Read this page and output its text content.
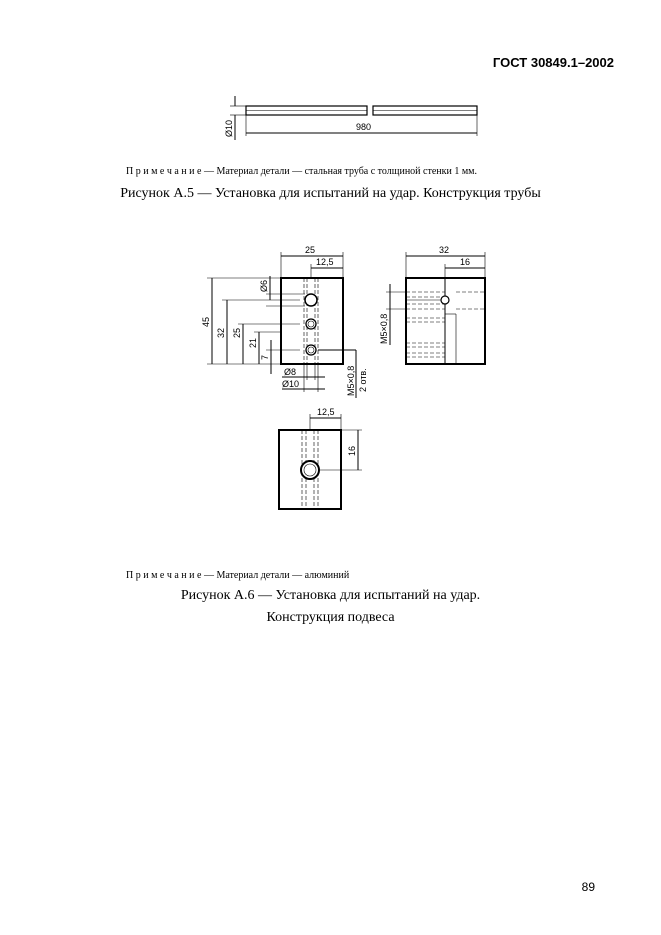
ГОСТ 30849.1–2002
Ø10	980
П р и м е ч а н и е — Материал детали — стальная труба с толщиной стенки 1 мм.
Рисунок А.5 — Установка для испытаний на удар. Конструкция трубы
25
12,5
Ø6
45
32 25
21
7
Ø8
Ø10	M5×0,8 2 отв.
32
16
M5×0,8
12,5
16
П р и м е ч а н и е — Материал детали — алюминий
Рисунок А.6 — Установка для испытаний на удар.
Конструкция подвеса
89
